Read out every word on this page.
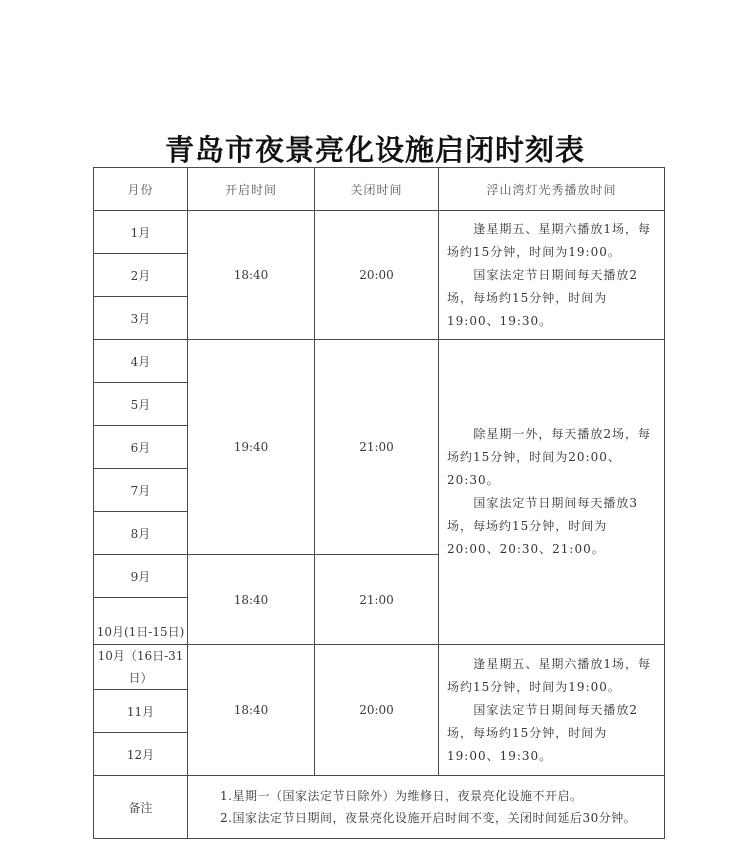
青岛市夜景亮化设施启闭时刻表
月份	开启时间	关闭时间	浮山湾灯光秀播放时间
1月	18:40	20:00	逢星期五、星期六播放1场，每场约15分钟，时间为19:00。

国家法定节日期间每天播放2场，每场约15分钟，时间为19:00、19:30。

2月			
3月			
4月	19:40	21:00	除星期一外，每天播放2场，每场约15分钟，时间为20:00、20:30。

国家法定节日期间每天播放3场，每场约15分钟，时间为20:00、20:30、21:00。

5月			
6月			
7月			
8月			
9月	18:40	21:00	
10月(1日-15日)			
10月（16日-31日）	18:40	20:00	逢星期五、星期六播放1场，每场约15分钟，时间为19:00。

国家法定节日期间每天播放2场，每场约15分钟，时间为19:00、19:30。

11月			
12月			
备注	1.星期一（国家法定节日除外）为维修日，夜景亮化设施不开启。

2.国家法定节日期间，夜景亮化设施开启时间不变，关闭时间延后30分钟。		
